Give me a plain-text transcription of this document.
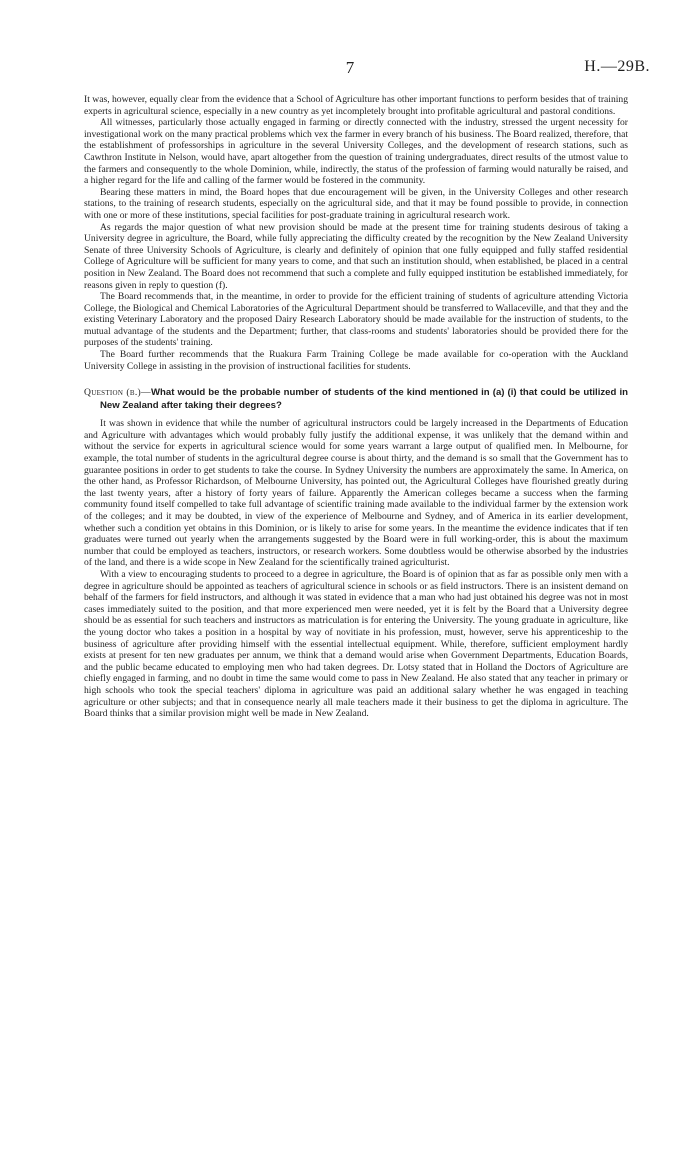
7	H.—29B.

It was, however, equally clear from the evidence that a School of Agriculture has other important functions to perform besides that of training experts in agricultural science, especially in a new country as yet incompletely brought into profitable agricultural and pastoral conditions.

All witnesses, particularly those actually engaged in farming or directly connected with the industry, stressed the urgent necessity for investigational work on the many practical problems which vex the farmer in every branch of his business. The Board realized, therefore, that the establishment of professorships in agriculture in the several University Colleges, and the development of research stations, such as Cawthron Institute in Nelson, would have, apart altogether from the question of training undergraduates, direct results of the utmost value to the farmers and consequently to the whole Dominion, while, indirectly, the status of the profession of farming would naturally be raised, and a higher regard for the life and calling of the farmer would be fostered in the community.

Bearing these matters in mind, the Board hopes that due encouragement will be given, in the University Colleges and other research stations, to the training of research students, especially on the agricultural side, and that it may be found possible to provide, in connection with one or more of these institutions, special facilities for post-graduate training in agricultural research work.

As regards the major question of what new provision should be made at the present time for training students desirous of taking a University degree in agriculture, the Board, while fully appreciating the difficulty created by the recognition by the New Zealand University Senate of three University Schools of Agriculture, is clearly and definitely of opinion that one fully equipped and fully staffed residential College of Agriculture will be sufficient for many years to come, and that such an institution should, when established, be placed in a central position in New Zealand. The Board does not recommend that such a complete and fully equipped institution be established immediately, for reasons given in reply to question (f).

The Board recommends that, in the meantime, in order to provide for the efficient training of students of agriculture attending Victoria College, the Biological and Chemical Laboratories of the Agricultural Department should be transferred to Wallaceville, and that they and the existing Veterinary Laboratory and the proposed Dairy Research Laboratory should be made available for the instruction of students, to the mutual advantage of the students and the Department; further, that class-rooms and students' laboratories should be provided there for the purposes of the students' training.

The Board further recommends that the Ruakura Farm Training College be made available for co-operation with the Auckland University College in assisting in the provision of instructional facilities for students.

Question (b.)—What would be the probable number of students of the kind mentioned in (a) (i) that could be utilized in New Zealand after taking their degrees?

It was shown in evidence that while the number of agricultural instructors could be largely increased in the Departments of Education and Agriculture with advantages which would probably fully justify the additional expense, it was unlikely that the demand within and without the service for experts in agricultural science would for some years warrant a large output of qualified men. In Melbourne, for example, the total number of students in the agricultural degree course is about thirty, and the demand is so small that the Government has to guarantee positions in order to get students to take the course. In Sydney University the numbers are approximately the same. In America, on the other hand, as Professor Richardson, of Melbourne University, has pointed out, the Agricultural Colleges have flourished greatly during the last twenty years, after a history of forty years of failure. Apparently the American colleges became a success when the farming community found itself compelled to take full advantage of scientific training made available to the individual farmer by the extension work of the colleges; and it may be doubted, in view of the experience of Melbourne and Sydney, and of America in its earlier development, whether such a condition yet obtains in this Dominion, or is likely to arise for some years. In the meantime the evidence indicates that if ten graduates were turned out yearly when the arrangements suggested by the Board were in full working-order, this is about the maximum number that could be employed as teachers, instructors, or research workers. Some doubtless would be otherwise absorbed by the industries of the land, and there is a wide scope in New Zealand for the scientifically trained agriculturist.

With a view to encouraging students to proceed to a degree in agriculture, the Board is of opinion that as far as possible only men with a degree in agriculture should be appointed as teachers of agricultural science in schools or as field instructors. There is an insistent demand on behalf of the farmers for field instructors, and although it was stated in evidence that a man who had just obtained his degree was not in most cases immediately suited to the position, and that more experienced men were needed, yet it is felt by the Board that a University degree should be as essential for such teachers and instructors as matriculation is for entering the University. The young graduate in agriculture, like the young doctor who takes a position in a hospital by way of novitiate in his profession, must, however, serve his apprenticeship to the business of agriculture after providing himself with the essential intellectual equipment. While, therefore, sufficient employment hardly exists at present for ten new graduates per annum, we think that a demand would arise when Government Departments, Education Boards, and the public became educated to employing men who had taken degrees. Dr. Lotsy stated that in Holland the Doctors of Agriculture are chiefly engaged in farming, and no doubt in time the same would come to pass in New Zealand. He also stated that any teacher in primary or high schools who took the special teachers' diploma in agriculture was paid an additional salary whether he was engaged in teaching agriculture or other subjects; and that in consequence nearly all male teachers made it their business to get the diploma in agriculture. The Board thinks that a similar provision might well be made in New Zealand.
